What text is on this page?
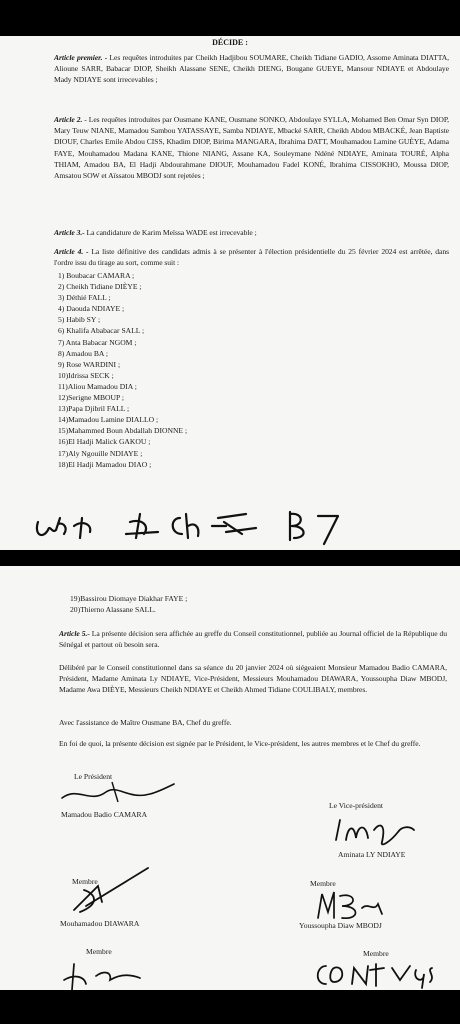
DÉCIDE :
Article premier. - Les requêtes introduites par Cheikh Hadjibou SOUMARE, Cheikh Tidiane GADIO, Assome Aminata DIATTA, Alioune SARR, Babacar DIOP, Sheikh Alassane SENE, Cheikh DIENG, Bougane GUEYE, Mansour NDIAYE et Abdoulaye Mady NDIAYE sont irrecevables ;
Article 2. - Les requêtes introduites par Ousmane KANE, Ousmane SONKO, Abdoulaye SYLLA, Mohamed Ben Omar Syn DIOP, Mary Teuw NIANE, Mamadou Sambou YATASSAYE, Samba NDIAYE, Mbacké SARR, Cheikh Abdou MBACKÉ, Jean Baptiste DIOUF, Charles Emile Abdou CISS, Khadim DIOP, Birima MANGARA, Ibrahima DATT, Mouhamadou Lamine GUÈYE, Adama FAYE, Mouhamadou Madana KANE, Thione NIANG, Assane KA, Souleymane Ndéné NDIAYE, Aminata TOURÉ, Alpha THIAM, Amadou BA, El Hadji Abdourahmane DIOUF, Mouhamadou Fadel KONÉ, Ibrahima CISSOKHO, Moussa DIOP, Amsatou SOW et Aïssatou MBODJ sont rejetées ;
Article 3.- La candidature de Karim Meïssa WADE est irrecevable ;
Article 4. - La liste définitive des candidats admis à se présenter à l'élection présidentielle du 25 février 2024 est arrêtée, dans l'ordre issu du tirage au sort, comme suit :
1) Boubacar CAMARA ;
2) Cheikh Tidiane DIÈYE ;
3) Déthié FALL ;
4) Daouda NDIAYE ;
5) Habib SY ;
6) Khalifa Ababacar SALL ;
7) Anta Babacar NGOM ;
8) Amadou BA ;
9) Rose WARDINI ;
10)Idrissa SECK ;
11)Aliou Mamadou DIA ;
12)Serigne MBOUP ;
13)Papa Djibril FALL ;
14)Mamadou Lamine DIALLO ;
15)Mahammed Boun Abdallah DIONNE ;
16)El Hadji Malick GAKOU ;
17)Aly Ngouille NDIAYE ;
18)El Hadji Mamadou DIAO ;
19)Bassirou Diomaye Diakhar FAYE ;
20)Thierno Alassane SALL.
Article 5.- La présente décision sera affichée au greffe du Conseil constitutionnel, publiée au Journal officiel de la République du Sénégal et partout où besoin sera.
Délibéré par le Conseil constitutionnel dans sa séance du 20 janvier 2024 où siégeaient Monsieur Mamadou Badio CAMARA, Président, Madame Aminata Ly NDIAYE, Vice-Président, Messieurs Mouhamadou DIAWARA, Youssoupha Diaw MBODJ, Madame Awa DIÈYE, Messieurs Cheikh NDIAYE et Cheikh Ahmed Tidiane COULIBALY, membres.
Avec l'assistance de Maître Ousmane BA, Chef du greffe.
En foi de quoi, la présente décision est signée par le Président, le Vice-président, les autres membres et le Chef du greffe.
Le Président
Mamadou Badio CAMARA
Le Vice-président
Aminata LY NDIAYE
Membre
Mouhamadou DIAWARA
Membre
Youssoupha Diaw MBODJ
Membre	Membre
